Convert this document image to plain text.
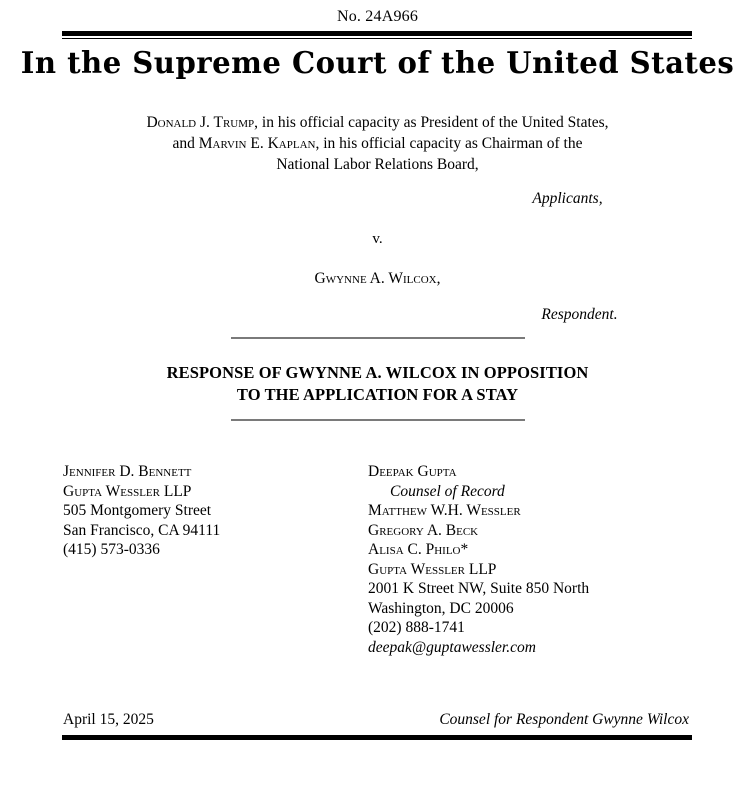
No. 24A966
In the Supreme Court of the United States
Donald J. Trump, in his official capacity as President of the United States,
and Marvin E. Kaplan, in his official capacity as Chairman of the
National Labor Relations Board,
Applicants,
v.
Gwynne A. Wilcox,
Respondent.
RESPONSE OF GWYNNE A. WILCOX IN OPPOSITION
TO THE APPLICATION FOR A STAY
Jennifer D. Bennett
Gupta Wessler LLP
505 Montgomery Street
San Francisco, CA 94111
(415) 573-0336
Deepak Gupta
Counsel of Record
Matthew W.H. Wessler
Gregory A. Beck
Alisa C. Philo*
Gupta Wessler LLP
2001 K Street NW, Suite 850 North
Washington, DC 20006
(202) 888-1741
deepak@guptawessler.com
April 15, 2025	Counsel for Respondent Gwynne Wilcox
